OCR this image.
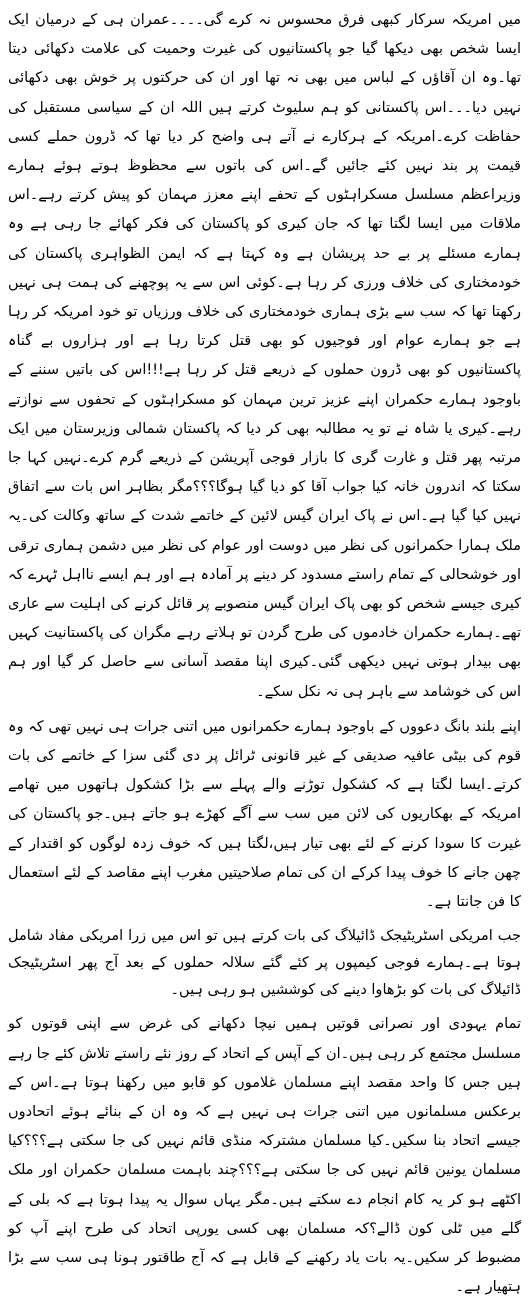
میں امریکہ سرکار کبھی فرق محسوس نہ کرے گی۔۔۔۔عمران ہی کے درمیان ایک ایسا شخص بھی دیکھا گیا جو پاکستانیوں کی غیرت وحمیت کی علامت دکھائی دیتا تھا۔وہ ان آقاؤں کے لباس میں بھی نہ تھا اور ان کی حرکتوں پر خوش بھی دکھائی نہیں دیا۔۔۔اس پاکستانی کو ہم سلیوٹ کرتے ہیں اللہ ان کے سیاسی مستقبل کی حفاظت کرے۔امریکہ کے ہرکارے نے آتے ہی واضح کر دیا تھا کہ ڈرون حملے کسی قیمت پر بند نہیں کئے جائیں گے۔اس کی باتوں سے محظوظ ہوتے ہوئے ہمارے وزیراعظم مسلسل مسکراہٹوں کے تحفے اپنے معزز مہمان کو پیش کرتے رہے۔اس ملاقات میں ایسا لگتا تھا کہ جان کیری کو پاکستان کی فکر کھائے جا رہی ہے وہ ہمارے مسئلے پر بے حد پریشان ہے وہ کہتا ہے کہ ایمن الظواہری پاکستان کی خودمختاری کی خلاف ورزی کر رہا ہے۔کوئی اس سے یہ پوچھنے کی ہمت ہی نہیں رکھتا تھا کہ سب سے بڑی ہماری خودمختاری کی خلاف ورزیاں تو خود امریکہ کر رہا ہے جو ہمارے عوام اور فوجیوں کو بھی قتل کرتا رہا ہے اور ہزاروں بے گناہ پاکستانیوں کو بھی ڈرون حملوں کے ذریعے قتل کر رہا ہے!!!اس کی باتیں سننے کے باوجود ہمارے حکمران اپنے عزیز ترین مہمان کو مسکراہٹوں کے تحفوں سے نوازتے رہے۔کیری یا شاہ نے تو یہ مطالبہ بھی کر دیا کہ پاکستان شمالی وزیرستان میں ایک مرتبہ پھر قتل و غارت گری کا بازار فوجی آپریشن کے ذریعے گرم کرے۔نہیں کہا جا سکتا کہ اندرون خانہ کیا جواب آقا کو دیا گیا ہوگا؟؟؟مگر بظاہر اس بات سے اتفاق نہیں کیا گیا ہے۔اس نے پاک ایران گیس لائین کے خاتمے شدت کے ساتھ وکالت کی۔یہ ملک ہمارا حکمرانوں کی نظر میں دوست اور عوام کی نظر میں دشمن ہماری ترقی اور خوشحالی کے تمام راستے مسدود کر دینے پر آمادہ ہے اور ہم ایسے نااہل ٹہرے کہ کیری جیسے شخص کو بھی پاک ایران گیس منصوبے پر قائل کرنے کی اہلیت سے عاری تھے۔ہمارے حکمران خادموں کی طرح گردن تو ہلاتے رہے مگران کی پاکستانیت کہیں بھی بیدار ہوتی نہیں دیکھی گئی۔کیری اپنا مقصد آسانی سے حاصل کر گیا اور ہم اس کی خوشامد سے باہر ہی نہ نکل سکے۔

اپنے بلند بانگ دعووں کے باوجود ہمارے حکمرانوں میں اتنی جرات ہی نہیں تھی کہ وہ قوم کی بیٹی عافیہ صدیقی کے غیر قانونی ٹرائل پر دی گئی سزا کے خاتمے کی بات کرتے۔ایسا لگتا ہے کہ کشکول توڑنے والے پہلے سے بڑا کشکول ہاتھوں میں تھامے امریکہ کے بھکاریوں کی لائن میں سب سے آگے کھڑے ہو جاتے ہیں۔جو پاکستان کی غیرت کا سودا کرنے کے لئے بھی تیار ہیں،لگتا ہیں کہ خوف زدہ لوگوں کو اقتدار کے چھن جانے کا خوف پیدا کرکے ان کی تمام صلاحیتیں مغرب اپنے مقاصد کے لئے استعمال کا فن جانتا ہے۔

جب امریکی اسٹریٹیجک ڈائیلاگ کی بات کرتے ہیں تو اس میں زرا امریکی مفاد شامل ہوتا ہے۔ہمارے فوجی کیمپوں پر کئے گئے سلالہ حملوں کے بعد آج پھر اسٹریٹیجک ڈائیلاگ کی بات کو بڑھاوا دینے کی کوششیں ہو رہی ہیں۔

تمام یہودی اور نصرانی قوتیں ہمیں نیچا دکھانے کی غرض سے اپنی قوتوں کو مسلسل مجتمع کر رہی ہیں۔ان کے آپس کے اتحاد کے روز نئے راستے تلاش کئے جا رہے ہیں جس کا واحد مقصد اپنے مسلمان غلاموں کو قابو میں رکھنا ہوتا ہے۔اس کے برعکس مسلمانوں میں اتنی جرات ہی نہیں ہے کہ وہ ان کے بنائے ہوئے اتحادوں جیسے اتحاد بنا سکیں۔کیا مسلمان مشترکہ منڈی قائم نہیں کی جا سکتی ہے؟؟؟کیا مسلمان یونین قائم نہیں کی جا سکتی ہے؟؟؟چند باہمت مسلمان حکمران اور ملک اکٹھے ہو کر یہ کام انجام دے سکتے ہیں۔مگر یہاں سوال یہ پیدا ہوتا ہے کہ بلی کے گلے میں ٹلی کون ڈالے؟کہ مسلمان بھی کسی یورپی اتحاد کی طرح اپنے آپ کو مضبوط کر سکیں۔یہ بات یاد رکھنے کے قابل ہے کہ آج طاقتور ہونا ہی سب سے بڑا ہتھیار ہے۔
